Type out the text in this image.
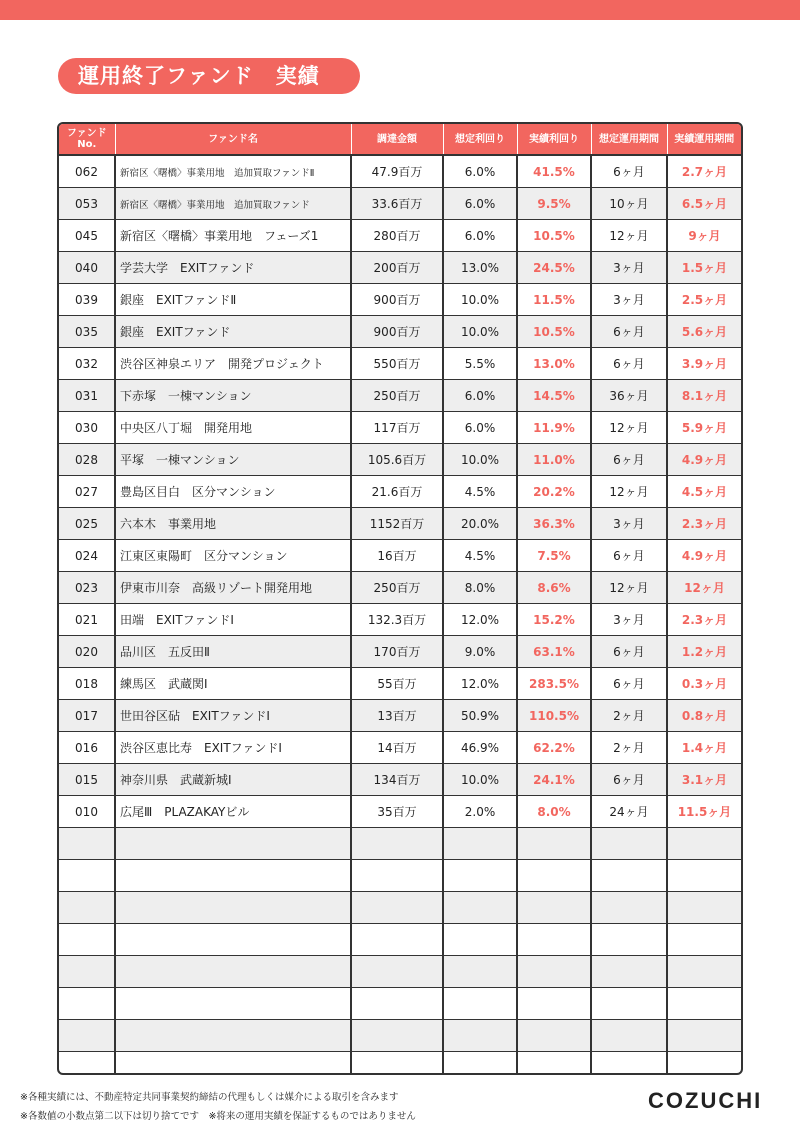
運用終了ファンド　実績
ファンド
No.	ファンド名	調達金額	想定利回り	実績利回り	想定運用期間	実績運用期間
062	新宿区〈曙橋〉事業用地　追加買取ファンドⅡ	47.9百万	6.0%	41.5%	6ヶ月	2.7ヶ月
053	新宿区〈曙橋〉事業用地　追加買取ファンド	33.6百万	6.0%	9.5%	10ヶ月	6.5ヶ月
045	新宿区〈曙橋〉事業用地　フェーズ1	280百万	6.0%	10.5%	12ヶ月	9ヶ月
040	学芸大学　EXITファンド	200百万	13.0%	24.5%	3ヶ月	1.5ヶ月
039	銀座　EXITファンドⅡ	900百万	10.0%	11.5%	3ヶ月	2.5ヶ月
035	銀座　EXITファンド	900百万	10.0%	10.5%	6ヶ月	5.6ヶ月
032	渋谷区神泉エリア　開発プロジェクト	550百万	5.5%	13.0%	6ヶ月	3.9ヶ月
031	下赤塚　一棟マンション	250百万	6.0%	14.5%	36ヶ月	8.1ヶ月
030	中央区八丁堀　開発用地	117百万	6.0%	11.9%	12ヶ月	5.9ヶ月
028	平塚　一棟マンション	105.6百万	10.0%	11.0%	6ヶ月	4.9ヶ月
027	豊島区目白　区分マンション	21.6百万	4.5%	20.2%	12ヶ月	4.5ヶ月
025	六本木　事業用地	1152百万	20.0%	36.3%	3ヶ月	2.3ヶ月
024	江東区東陽町　区分マンション	16百万	4.5%	7.5%	6ヶ月	4.9ヶ月
023	伊東市川奈　高級リゾート開発用地	250百万	8.0%	8.6%	12ヶ月	12ヶ月
021	田端　EXITファンドⅠ	132.3百万	12.0%	15.2%	3ヶ月	2.3ヶ月
020	品川区　五反田Ⅱ	170百万	9.0%	63.1%	6ヶ月	1.2ヶ月
018	練馬区　武蔵関Ⅰ	55百万	12.0%	283.5%	6ヶ月	0.3ヶ月
017	世田谷区砧　EXITファンドⅠ	13百万	50.9%	110.5%	2ヶ月	0.8ヶ月
016	渋谷区恵比寿　EXITファンドⅠ	14百万	46.9%	62.2%	2ヶ月	1.4ヶ月
015	神奈川県　武蔵新城Ⅰ	134百万	10.0%	24.1%	6ヶ月	3.1ヶ月
010	広尾Ⅲ　PLAZAKAYビル	35百万	2.0%	8.0%	24ヶ月	11.5ヶ月

※各種実績には、不動産特定共同事業契約締結の代理もしくは媒介による取引を含みます
※各数値の小数点第二以下は切り捨てです　※将来の運用実績を保証するものではありません
COZUCHI
